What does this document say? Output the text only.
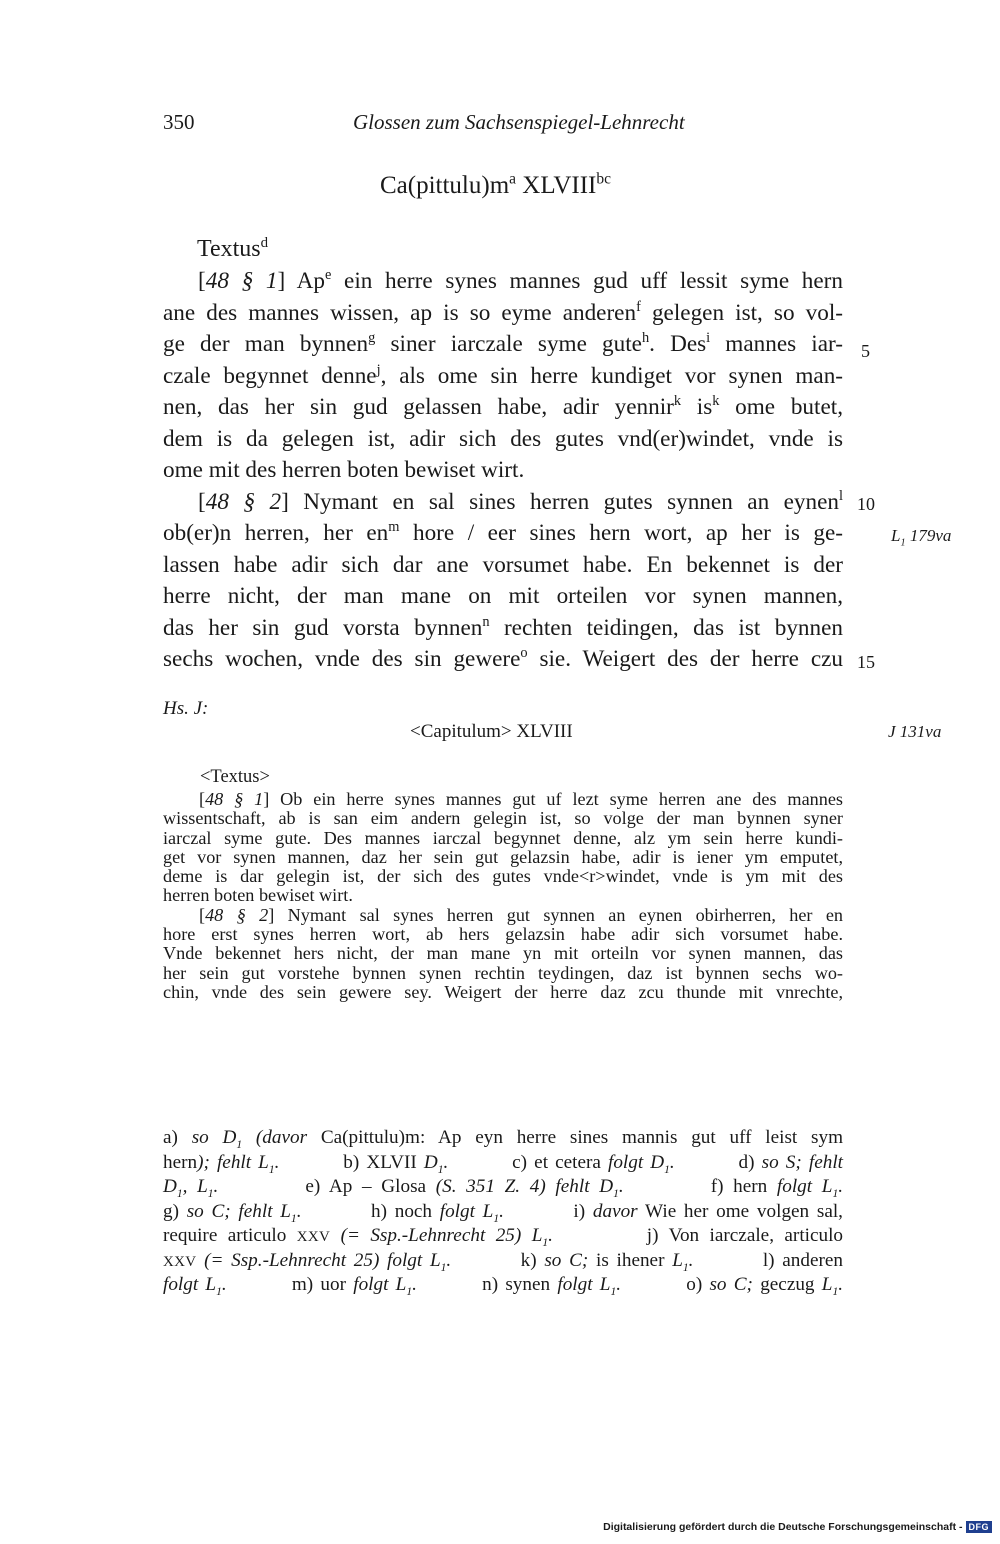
350	Glossen zum Sachsenspiegel-Lehnrecht
$Ca(pittulu)m^a$ $XLVIII^{bc}$
Textus$^d$
[48 § 1] Ap$^e$ ein herre synes mannes gud uff lessit syme hern
ane des mannes wissen, ap is so eyme anderen$^f$ gelegen ist, so vol-
ge der man bynnen$^g$ siner iarczale syme gute$^h$. Des$^i$ mannes iar-
czale begynnet denne$^j$, als ome sin herre kundiget vor synen man-
nen, das her sin gud gelassen habe, adir yennir$^k$ $is^k$ ome butet,
dem is da gelegen ist, adir sich des gutes vnd(er)windet, vnde is
ome mit des herren boten bewiset wirt.
[48 § 2] Nymant en sal sines herren gutes synnen an eynen$^l$
ob(er)n herren, her $en^m$ hore / eer sines hern wort, ap her is ge-
lassen habe adir sich dar ane vorsumet habe. En bekennet is der
herre nicht, der man mane on mit orteilen vor synen mannen,
das her sin gud vorsta bynnen$^n$ rechten teidingen, das ist bynnen
sechs wochen, vnde des sin gewere$^o$ sie. Weigert des der herre czu
5
10
15
$L_1$ 179va
Hs. J:
<Capitulum> XLVIII	J 131va
<Textus>
[48 § 1] Ob ein herre synes mannes gut uf lezt syme herren ane des mannes
wissentschaft, ab is san eim andern gelegin ist, so volge der man bynnen syner
iarczal syme gute. Des mannes iarczal begynnet denne, alz ym sein herre kundi-
get vor synen mannen, daz her sein gut gelazsin habe, adir is iener ym emputet,
deme is dar gelegin ist, der sich des gutes vnde<r>windet, vnde is ym mit des
herren boten bewiset wirt.
[48 § 2] Nymant sal synes herren gut synnen an eynen obirherren, her en
hore erst synes herren wort, ab hers gelazsin habe adir sich vorsumet habe.
Vnde bekennet hers nicht, der man mane yn mit orteiln vor synen mannen, das
her sein gut vorstehe bynnen synen rechtin teydingen, daz ist bynnen sechs wo-
chin, vnde des sein gewere sey. Weigert der herre daz zcu thunde mit vnrechte,
a) so $D_1$ (davor Ca(pittulu)m: Ap eyn herre sines mannis gut uff leist sym
hern); fehlt $L_1$.         b) XLVII $D_1$.         c) et cetera folgt $D_1$.         d) so S; fehlt
$D_1$, $L_1$.         e) Ap – Glosa (S. 351 Z. 4) fehlt $D_1$.         f) hern folgt $L_1$.
g) so C; fehlt $L_1$.         h) noch folgt $L_1$.         i) davor Wie her ome volgen sal,
require articulo XXV (= Ssp.-Lehnrecht 25) $L_1$.         j) Von iarczale, articulo
XXV (= Ssp.-Lehnrecht 25) folgt $L_1$.         k) so C; is ihener $L_1$.         l) anderen
folgt $L_1$.         m) uor folgt $L_1$.         n) synen folgt $L_1$.         o) so C; geczug $L_1$.
Digitalisierung gefördert durch die Deutsche Forschungsgemeinschaft - DFG
